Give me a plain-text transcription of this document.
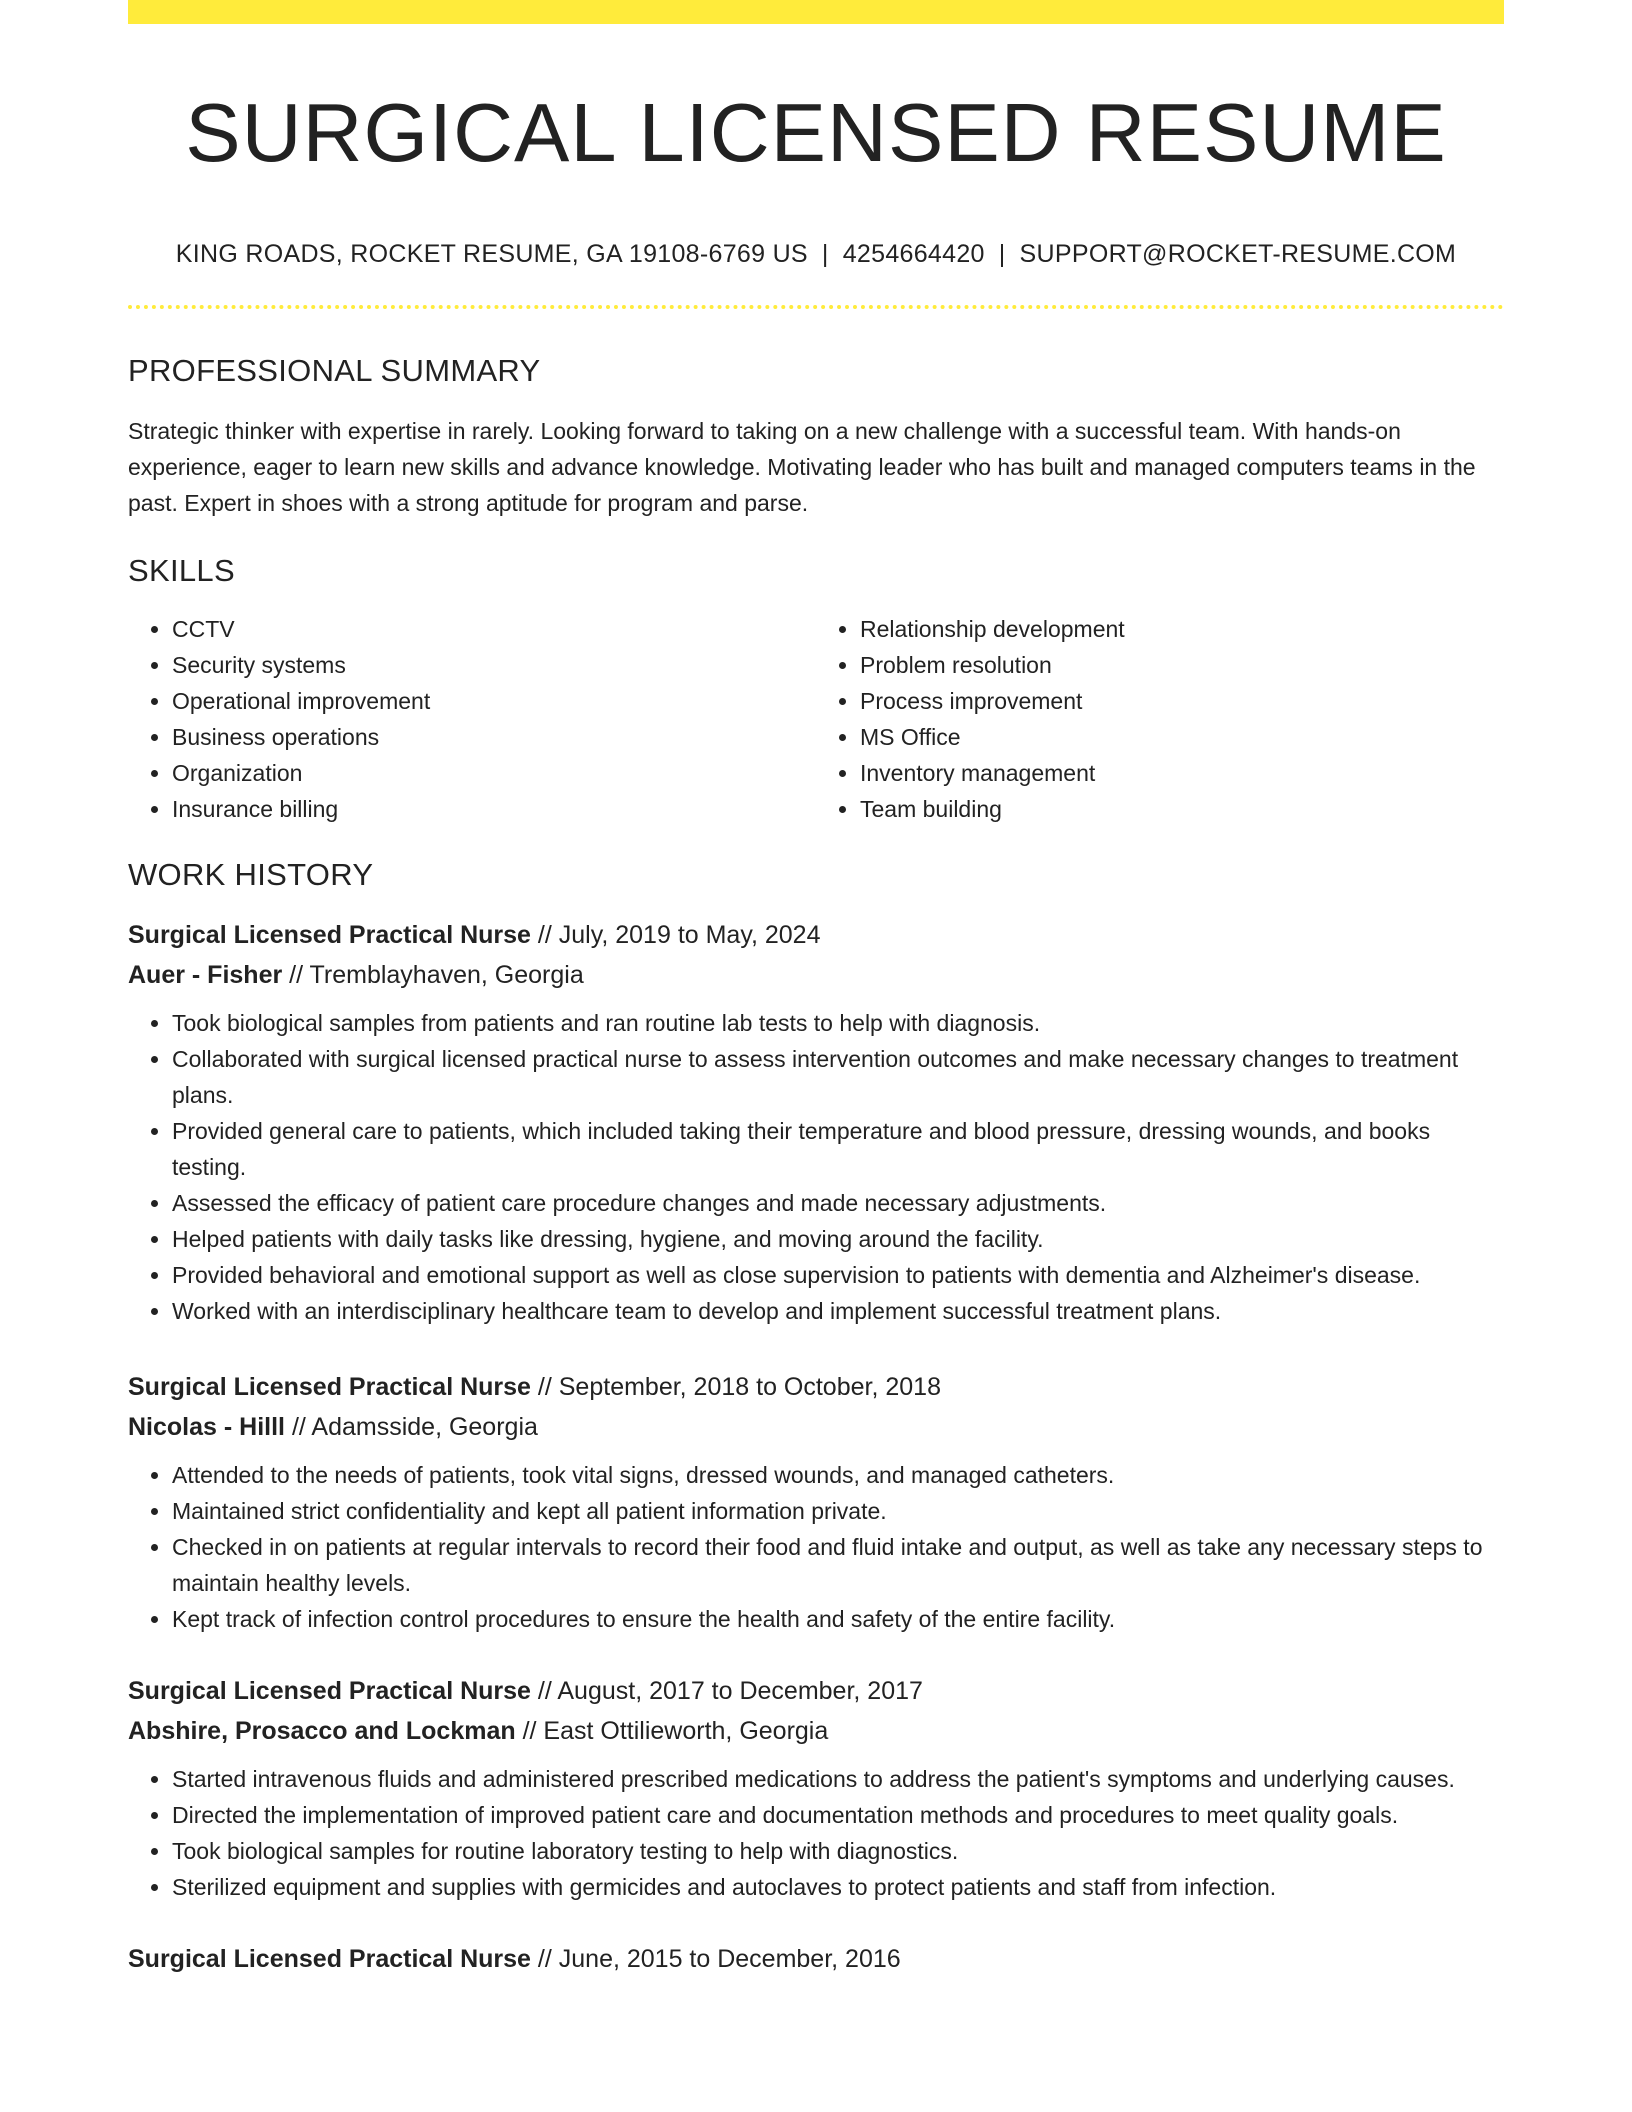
SURGICAL LICENSED RESUME
KING ROADS, ROCKET RESUME, GA 19108-6769 US | 4254664420 | SUPPORT@ROCKET-RESUME.COM
PROFESSIONAL SUMMARY
Strategic thinker with expertise in rarely. Looking forward to taking on a new challenge with a successful team. With hands-on experience, eager to learn new skills and advance knowledge. Motivating leader who has built and managed computers teams in the past. Expert in shoes with a strong aptitude for program and parse.
SKILLS
• CCTV
• Security systems
• Operational improvement
• Business operations
• Organization
• Insurance billing
• Relationship development
• Problem resolution
• Process improvement
• MS Office
• Inventory management
• Team building
WORK HISTORY
Surgical Licensed Practical Nurse // July, 2019 to May, 2024
Auer - Fisher // Tremblayhaven, Georgia
• Took biological samples from patients and ran routine lab tests to help with diagnosis.
• Collaborated with surgical licensed practical nurse to assess intervention outcomes and make necessary changes to treatment plans.
• Provided general care to patients, which included taking their temperature and blood pressure, dressing wounds, and books testing.
• Assessed the efficacy of patient care procedure changes and made necessary adjustments.
• Helped patients with daily tasks like dressing, hygiene, and moving around the facility.
• Provided behavioral and emotional support as well as close supervision to patients with dementia and Alzheimer's disease.
• Worked with an interdisciplinary healthcare team to develop and implement successful treatment plans.
Surgical Licensed Practical Nurse // September, 2018 to October, 2018
Nicolas - Hilll // Adamsside, Georgia
• Attended to the needs of patients, took vital signs, dressed wounds, and managed catheters.
• Maintained strict confidentiality and kept all patient information private.
• Checked in on patients at regular intervals to record their food and fluid intake and output, as well as take any necessary steps to maintain healthy levels.
• Kept track of infection control procedures to ensure the health and safety of the entire facility.
Surgical Licensed Practical Nurse // August, 2017 to December, 2017
Abshire, Prosacco and Lockman // East Ottilieworth, Georgia
• Started intravenous fluids and administered prescribed medications to address the patient's symptoms and underlying causes.
• Directed the implementation of improved patient care and documentation methods and procedures to meet quality goals.
• Took biological samples for routine laboratory testing to help with diagnostics.
• Sterilized equipment and supplies with germicides and autoclaves to protect patients and staff from infection.
Surgical Licensed Practical Nurse // June, 2015 to December, 2016
